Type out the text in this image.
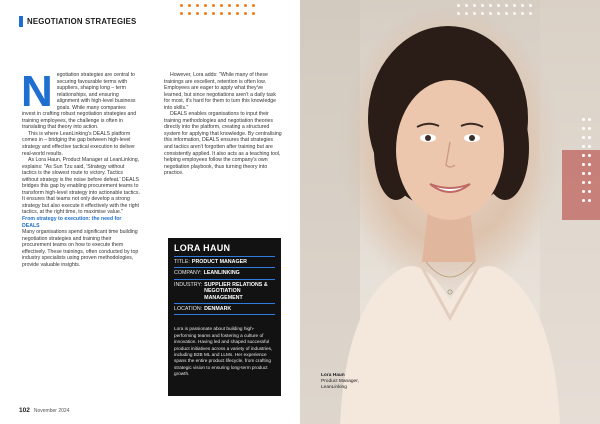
NEGOTIATION STRATEGIES
N egotiation strategies are central to securing favourable terms with suppliers, shaping long – term relationships, and ensuring alignment with high-level business goals. While many companies invest in crafting robust negotiation strategies and training employees, the challenge is often in translating that theory into action.

This is where LeanLinking's DEALS platform comes in – bridging the gap between high-level strategy and effective tactical execution to deliver real-world results.

As Lora Haun, Product Manager at LeanLinking, explains: "As Sun Tzu said, 'Strategy without tactics is the slowest route to victory. Tactics without strategy is the noise before defeat.' DEALS bridges this gap by enabling procurement teams to transform high-level strategy into actionable tactics. It ensures that teams not only develop a strong strategy but also execute it effectively with the right tactics, at the right time, to maximise value."

From strategy to execution: the need for DEALS

Many organisations spend significant time building negotiation strategies and training their procurement teams on how to execute them effectively. These trainings, often conducted by top industry specialists using proven methodologies, provide valuable insights.

However, Lora adds: "While many of these trainings are excellent, retention is often low. Employees are eager to apply what they've learned, but since negotiations aren't a daily task for most, it's hard for them to turn this knowledge into skills."

DEALS enables organisations to input their training methodologies and negotiation theories directly into the platform, creating a structured system for applying that knowledge. By centralising this information, DEALS ensures that strategies and tactics aren't forgotten after training but are consistently applied. It also acts as a teaching tool, helping employees follow the company's own negotiation playbook, thus turning theory into practice.

LORA HAUN
TITLE: PRODUCT MANAGER
COMPANY: LEANLINKING
INDUSTRY: SUPPLIER RELATIONS & NEGOTIATION MANAGEMENT
LOCATION: DENMARK

Lora is passionate about building high-performing teams and fostering a culture of innovation. Having led and shaped successful product initiatives across a variety of industries, including B2B ML and LLMs. Her experience spans the entire product lifecycle, from crafting strategic vision to ensuring long-term product growth.

102 November 2024
Lora Haun
Product Manager,
LeanLinking
